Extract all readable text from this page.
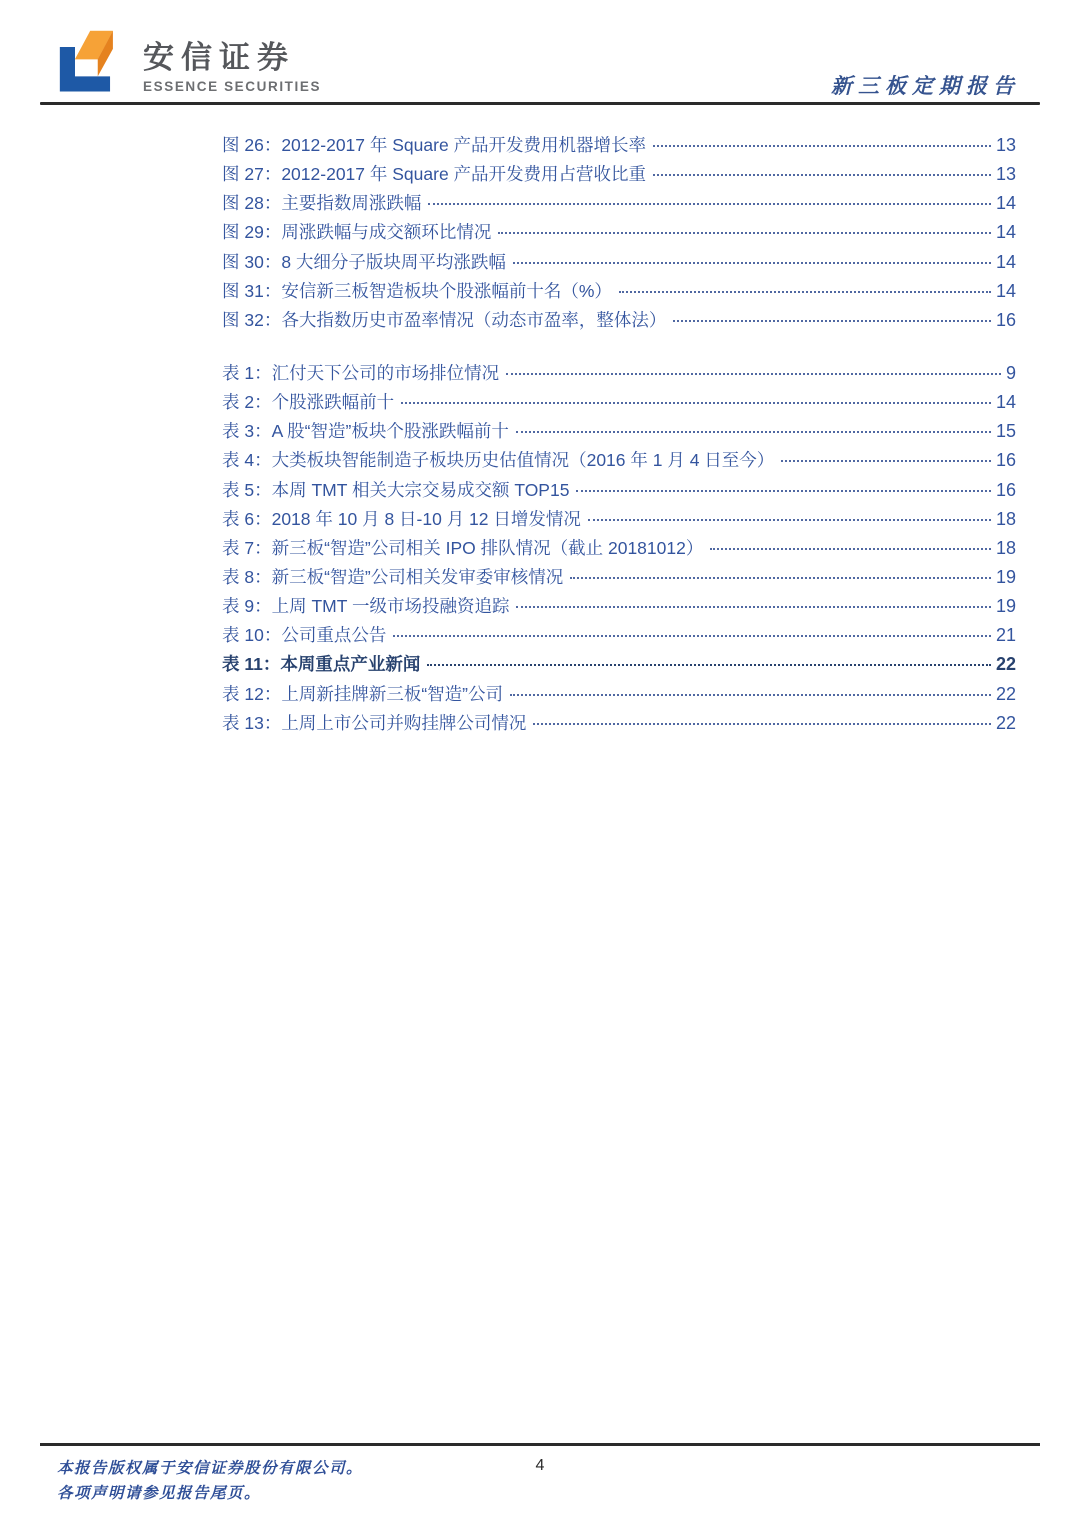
安信证券
ESSENCE SECURITIES	新三板定期报告
图 26：2012-2017 年 Square 产品开发费用机器增长率	13
图 27：2012-2017 年 Square 产品开发费用占营收比重	13
图 28：主要指数周涨跌幅	14
图 29：周涨跌幅与成交额环比情况	14
图 30：8 大细分子版块周平均涨跌幅	14
图 31：安信新三板智造板块个股涨幅前十名（%）	14
图 32：各大指数历史市盈率情况（动态市盈率，整体法）	16
表 1：汇付天下公司的市场排位情况	9
表 2：个股涨跌幅前十	14
表 3：A 股“智造”板块个股涨跌幅前十	15
表 4：大类板块智能制造子板块历史估值情况（2016 年 1 月 4 日至今）	16
表 5：本周 TMT 相关大宗交易成交额 TOP15	16
表 6：2018 年 10 月 8 日-10 月 12 日增发情况	18
表 7：新三板“智造”公司相关 IPO 排队情况（截止 20181012）	18
表 8：新三板“智造”公司相关发审委审核情况	19
表 9：上周 TMT 一级市场投融资追踪	19
表 10：公司重点公告	21
表 11：本周重点产业新闻	22
表 12：上周新挂牌新三板“智造”公司	22
表 13：上周上市公司并购挂牌公司情况	22
本报告版权属于安信证券股份有限公司。
各项声明请参见报告尾页。
4
